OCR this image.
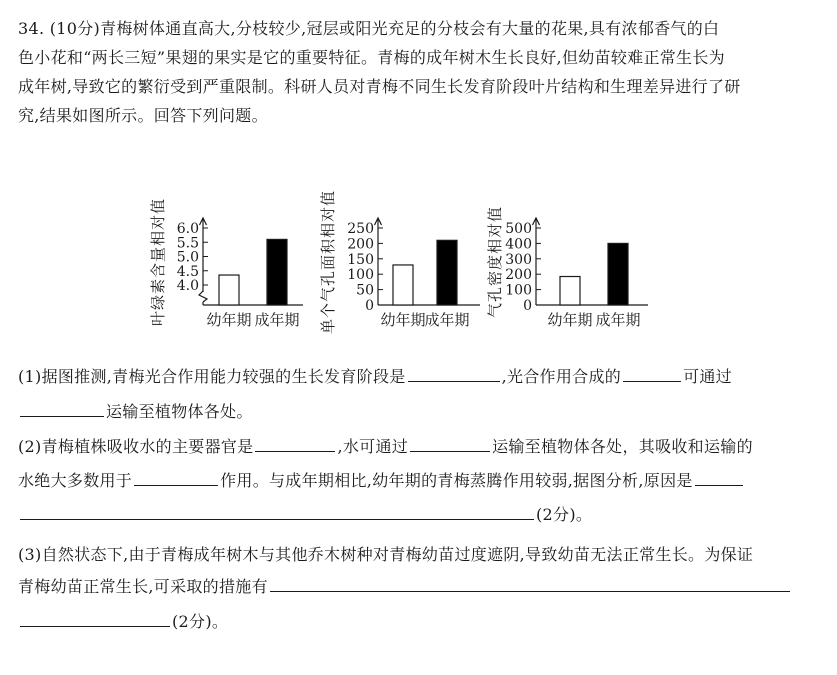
34. (10分)青梅树体通直高大,分枝较少,冠层或阳光充足的分枝会有大量的花果,具有浓郁香气的白
色小花和“两长三短”果翅的果实是它的重要特征。青梅的成年树木生长良好,但幼苗较难正常生长为
成年树,导致它的繁衍受到严重限制。科研人员对青梅不同生长发育阶段叶片结构和生理差异进行了研
究,结果如图所示。回答下列问题。
叶绿素含量相对值 4.0
4.5
5.0
5.5
6.0
幼年期 成年期 单个气孔面积相对值 0
50
100
150
200
250
幼年期
成年期
气孔密度相对值 0
100
200
300
400
500
幼年期 成年期
(1)据图推测,青梅光合作用能力较强的生长发育阶段是	,光合作用合成的	可通过
运输至植物体各处。
(2)青梅植株吸收水的主要器官是	,水可通过	运输至植物体各处，其吸收和运输的
水绝大多数用于	作用。与成年期相比,幼年期的青梅蒸腾作用较弱,据图分析,原因是
(2分)。
(3)自然状态下,由于青梅成年树木与其他乔木树种对青梅幼苗过度遮阴,导致幼苗无法正常生长。为保证
青梅幼苗正常生长,可采取的措施有
(2分)。
